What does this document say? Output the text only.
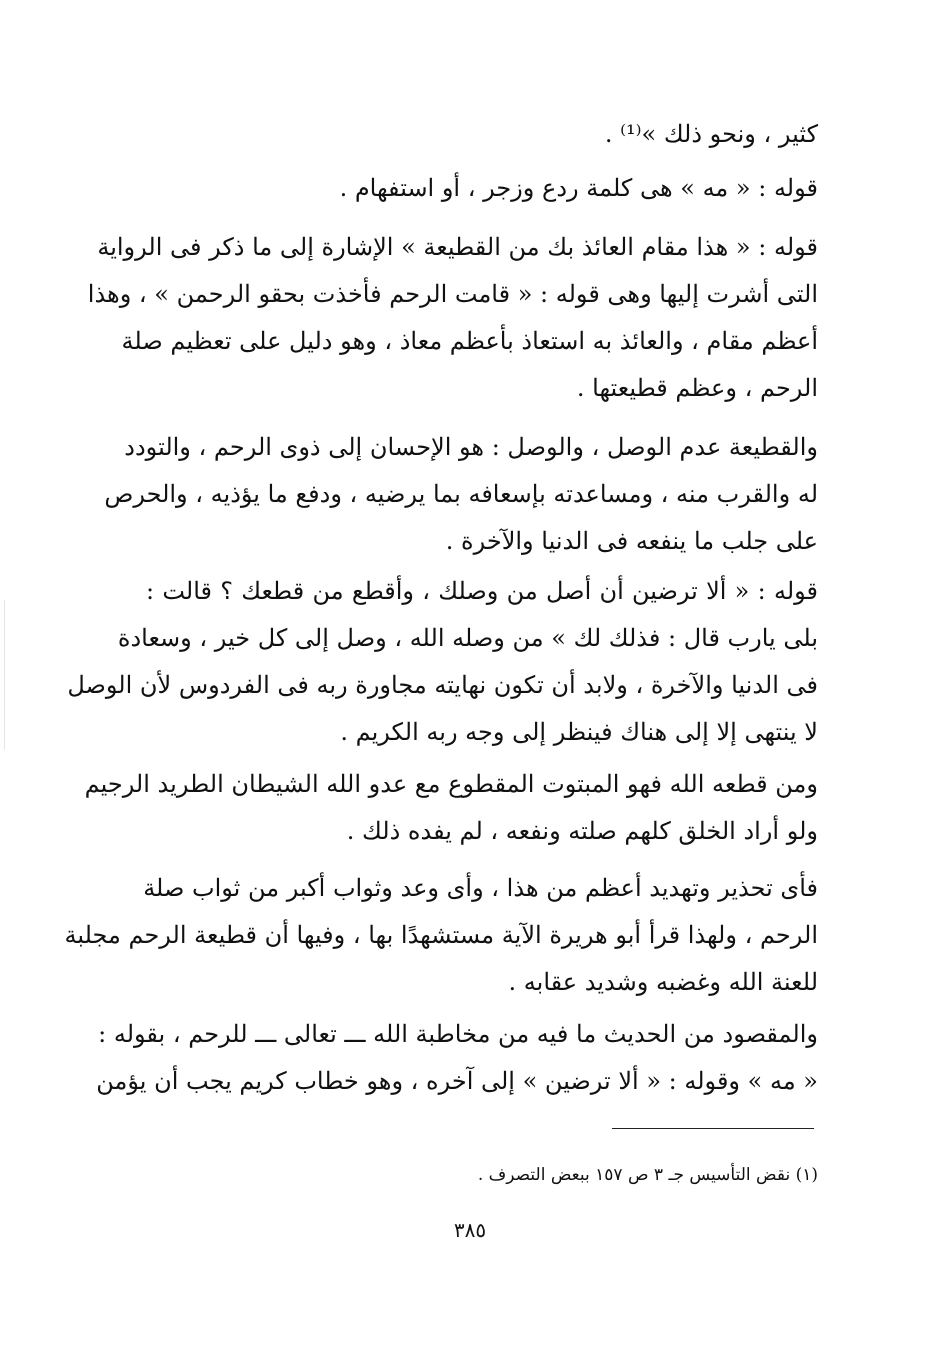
كثير ، ونحو ذلك »⁽¹⁾ .
قوله : « مه » هى كلمة ردع وزجر ، أو استفهام .
قوله : « هذا مقام العائذ بك من القطيعة » الإشارة إلى ما ذكر فى الرواية
التى أشرت إليها وهى قوله : « قامت الرحم فأخذت بحقو الرحمن » ، وهذا
أعظم مقام ، والعائذ به استعاذ بأعظم معاذ ، وهو دليل على تعظيم صلة
الرحم ، وعظم قطيعتها .
والقطيعة عدم الوصل ، والوصل : هو الإحسان إلى ذوى الرحم ، والتودد
له والقرب منه ، ومساعدته بإسعافه بما يرضيه ، ودفع ما يؤذيه ، والحرص
على جلب ما ينفعه فى الدنيا والآخرة .
قوله : « ألا ترضين أن أصل من وصلك ، وأقطع من قطعك ؟ قالت :
بلى يارب قال : فذلك لك » من وصله الله ، وصل إلى كل خير ، وسعادة
فى الدنيا والآخرة ، ولابد أن تكون نهايته مجاورة ربه فى الفردوس لأن الوصل
لا ينتهى إلا إلى هناك فينظر إلى وجه ربه الكريم .
ومن قطعه الله فهو المبتوت المقطوع مع عدو الله الشيطان الطريد الرجيم
ولو أراد الخلق كلهم صلته ونفعه ، لم يفده ذلك .
فأى تحذير وتهديد أعظم من هذا ، وأى وعد وثواب أكبر من ثواب صلة
الرحم ، ولهذا قرأ أبو هريرة الآية مستشهدًا بها ، وفيها أن قطيعة الرحم مجلبة
للعنة الله وغضبه وشديد عقابه .
والمقصود من الحديث ما فيه من مخاطبة الله ـــ تعالى ـــ للرحم ، بقوله :
« مه » وقوله : « ألا ترضين » إلى آخره ، وهو خطاب كريم يجب أن يؤمن
(١) نقض التأسيس جـ ٣ ص ١٥٧ ببعض التصرف .
٣٨٥
